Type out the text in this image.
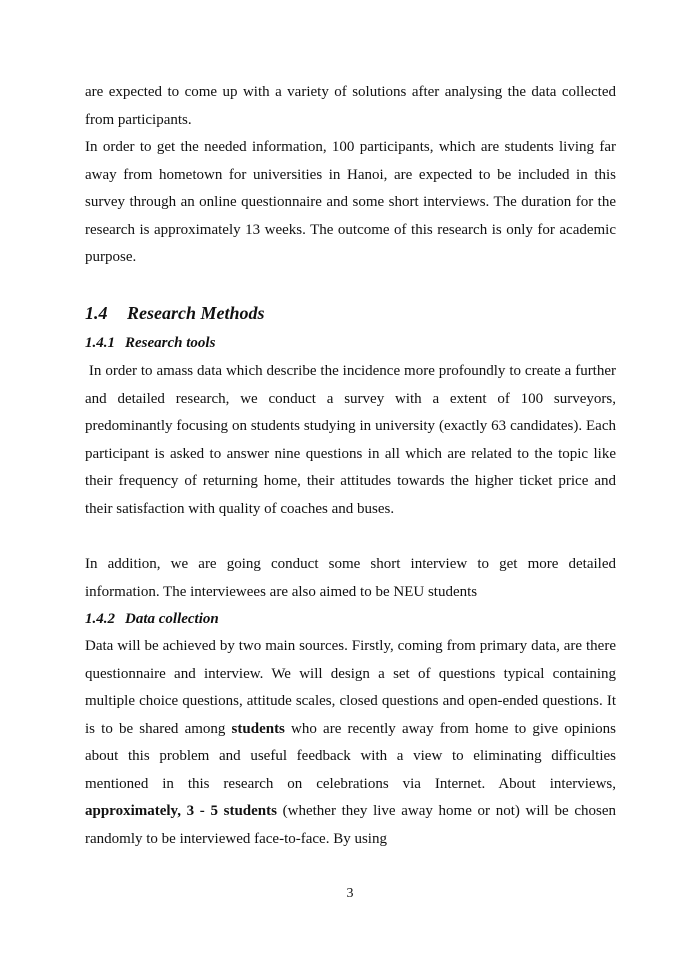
are expected to come up with a variety of solutions after analysing the data collected from participants.

In order to get the needed information, 100 participants, which are students living far away from hometown for universities in Hanoi, are expected to be included in this survey through an online questionnaire and some short interviews. The duration for the research is approximately 13 weeks. The outcome of this research is only for academic purpose.

1.4 Research Methods
1.4.1 Research tools

In order to amass data which describe the incidence more profoundly to create a further and detailed research, we conduct a survey with a extent of 100 surveyors, predominantly focusing on students studying in university (exactly 63 candidates). Each participant is asked to answer nine questions in all which are related to the topic like their frequency of returning home, their attitudes towards the higher ticket price and their satisfaction with quality of coaches and buses.

In addition, we are going conduct some short interview to get more detailed information. The interviewees are also aimed to be NEU students

1.4.2 Data collection

Data will be achieved by two main sources. Firstly, coming from primary data, are there questionnaire and interview. We will design a set of questions typical containing multiple choice questions, attitude scales, closed questions and open-ended questions. It is to be shared among students who are recently away from home to give opinions about this problem and useful feedback with a view to eliminating difficulties mentioned in this research on celebrations via Internet. About interviews, approximately, 3 - 5 students (whether they live away home or not) will be chosen randomly to be interviewed face-to-face. By using

3
